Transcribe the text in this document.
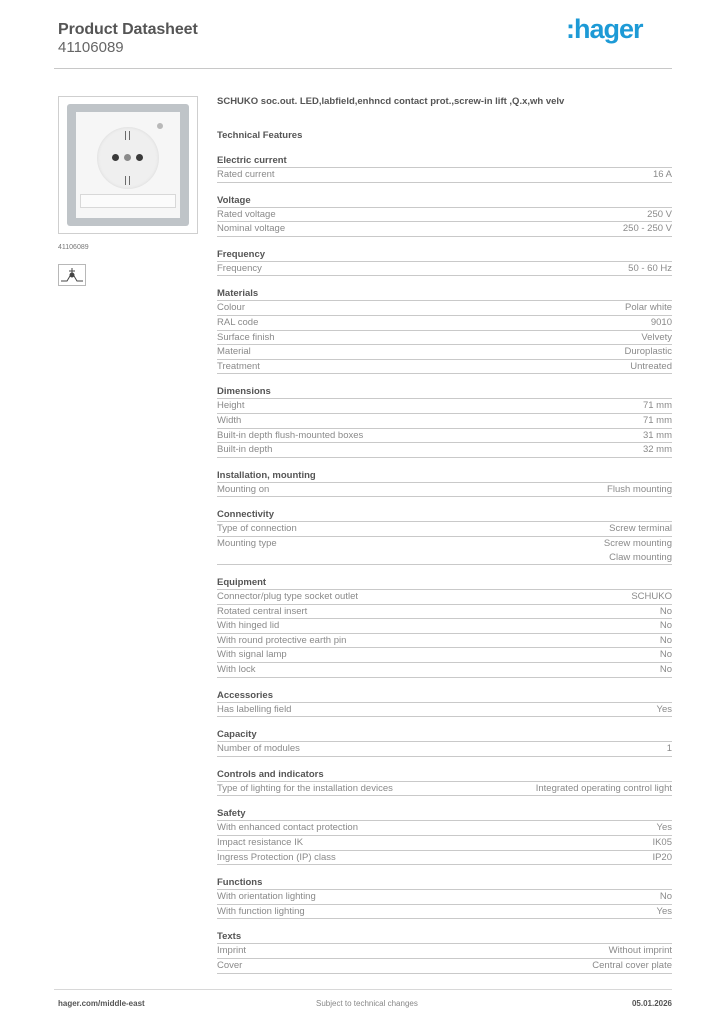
Product Datasheet
41106089
:hager
41106089
SCHUKO soc.out. LED,labfield,enhncd contact prot.,screw-in lift ,Q.x,wh velv
Technical Features
Electric current
Rated current	16 A
Voltage
Rated voltage	250 V
Nominal voltage	250 - 250 V
Frequency
Frequency	50 - 60 Hz
Materials
Colour	Polar white
RAL code	9010
Surface finish	Velvety
Material	Duroplastic
Treatment	Untreated
Dimensions
Height	71 mm
Width	71 mm
Built-in depth flush-mounted boxes	31 mm
Built-in depth	32 mm
Installation, mounting
Mounting on	Flush mounting
Connectivity
Type of connection	Screw terminal
Mounting type	Screw mounting
Claw mounting
Equipment
Connector/plug type socket outlet	SCHUKO
Rotated central insert	No
With hinged lid	No
With round protective earth pin	No
With signal lamp	No
With lock	No
Accessories
Has labelling field	Yes
Capacity
Number of modules	1
Controls and indicators
Type of lighting for the installation devices	Integrated operating control light
Safety
With enhanced contact protection	Yes
Impact resistance IK	IK05
Ingress Protection (IP) class	IP20
Functions
With orientation lighting	No
With function lighting	Yes
Texts
Imprint	Without imprint
Cover	Central cover plate
hager.com/middle-east	Subject to technical changes	05.01.2026
